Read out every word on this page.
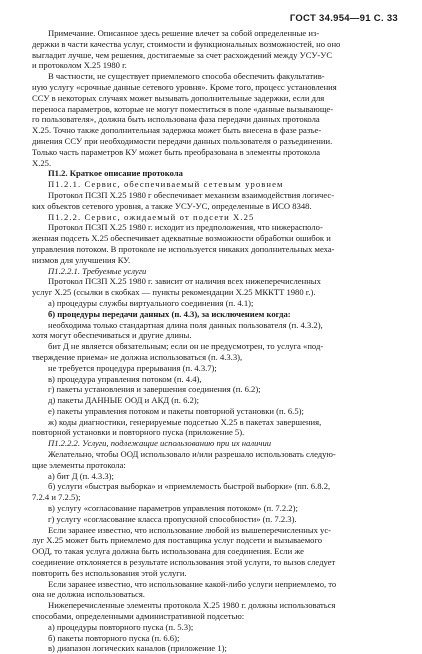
ГОСТ 34.954—91 С. 33

Примечание. Описанное здесь решение влечет за собой определенные из-

держки в части качества услуг, стоимости и функциональных возможностей, но оно

выгладит лучше, чем решения, достигаемые за счет расхождений между УСУ-УС

и протоколом X.25 1980 г.

В частности, не существует приемлемого способа обеспечить факультатив-

ную услугу «срочные данные сетевого уровня». Кроме того, процесс установления

ССУ в некоторых случаях может вызывать дополнительные задержки, если для

переноса параметров, которые не могут поместиться в поле «данные вызывающе-

го пользователя», должна быть использована фаза передачи данных протокола

X.25. Точно также дополнительная задержка может быть внесена в фазе разъе-

динения ССУ при необходимости передачи данных пользователя о разъединении.

Только часть параметров КУ может быть преобразована в элементы протокола

X.25.

П1.2. Краткое описание протокола

П1.2.1. Сервис, обеспечиваемый сетевым уровнем

Протокол ПСЗП X.25 1980 г обеспечивает механизм взаимодействия логичес-

ких объектов сетевого уровня, а также УСУ-УС, определенные в ИСО 8348.

П1.2.2. Сервис, ожидаемый от подсети X.25

Протокол ПСЗП X.25 1980 г. исходит из предположения, что нижерасполо-

женная подсеть X.25 обеспечивает адекватные возможности обработки ошибок и

управления потоком. В протоколе не используется никаких дополнительных меха-

низмов для улучшения КУ.

П1.2.2.1. Требуемые услуги

Протокол ПСЗП X.25 1980 г. зависит от наличия всех нижеперечисленных

услуг X.25 (ссылки в скобках — пункты рекомендации X.25 МККТТ 1980 г.).

а) процедуры службы виртуального соединения (п. 4.1);

б) процедуры передачи данных (п. 4.3), за исключением когда:

необходима только стандартная длина поля данных пользователя (п. 4.3.2),

хотя могут обеспечиваться и другие длины.

бит Д не является обязательным; если он не предусмотрен, то услуга «под-

тверждение приема» не должна использоваться (п. 4.3.3),

не требуется процедура прерывания (п. 4.3.7);

в) процедура управления потоком (п. 4.4),

г) пакеты установления и завершения соединения (п. 6.2);

д) пакеты ДАННЫЕ ООД и АКД (п. 6.2);

е) пакеты управления потоком и пакеты повторной установки (п. 6.5);

ж) коды диагностики, генерируемые подсетью X.25 в пакетах завершения,

повторной установки и повторного пуска (приложение 5).

П1.2.2.2. Услуги, подлежащие использованию при их наличии

Желательно, чтобы ООД использовало и/или разрешало использовать следую-

щие элементы протокола:

а) бит Д (п. 4.3.3);

б) услуги «быстрая выборка» и «приемлемость быстрой выборки» (пп. 6.8.2,

7.2.4 и 7.2.5);

в) услугу «согласование параметров управления потоком» (п. 7.2.2);

г) услугу «согласование класса пропускной способности» (п. 7.2.3).

Если заранее известно, что использование любой из вышеперечисленных ус-

луг X.25 может быть приемлемо для поставщика услуг подсети и вызываемого

ООД, то такая услуга должна быть использована для соединения. Если же

соединение отклоняется в результате использования этой услуги, то вызов следует

повторить без использования этой услуги.

Если заранее известно, что использование какой-либо услуги неприемлемо, то

она не должна использоваться.

Нижеперечисленные элементы протокола X.25 1980 г. должны использоваться

способами, определенными административной подсетью:

а) процедуры повторного пуска (п. 5.3);

б) пакеты повторного пуска (п. 6.6);

в) диапазон логических каналов (приложение 1);
